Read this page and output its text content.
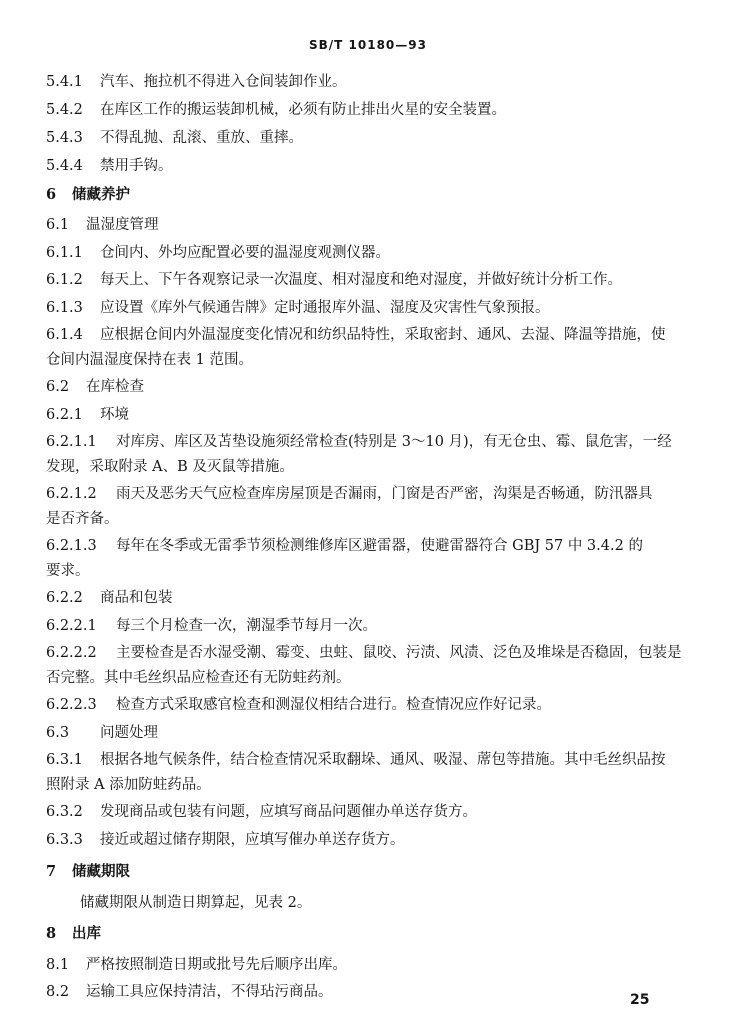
SB/T 10180—93
5.4.1 汽车、拖拉机不得进入仓间装卸作业。
5.4.2 在库区工作的搬运装卸机械，必须有防止排出火星的安全装置。
5.4.3 不得乱抛、乱滚、重放、重摔。
5.4.4 禁用手钩。
6 储藏养护
6.1 温湿度管理
6.1.1 仓间内、外均应配置必要的温湿度观测仪器。
6.1.2 每天上、下午各观察记录一次温度、相对湿度和绝对湿度，并做好统计分析工作。
6.1.3 应设置《库外气候通告牌》定时通报库外温、湿度及灾害性气象预报。
6.1.4 应根据仓间内外温湿度变化情况和纺织品特性，采取密封、通风、去湿、降温等措施，使
仓间内温湿度保持在表 1 范围。
6.2 在库检查
6.2.1 环境
6.2.1.1 对库房、库区及苫垫设施须经常检查(特别是 3～10 月)，有无仓虫、霉、鼠危害，一经
发现，采取附录 A、B 及灭鼠等措施。
6.2.1.2 雨天及恶劣天气应检查库房屋顶是否漏雨，门窗是否严密，沟渠是否畅通，防汛器具
是否齐备。
6.2.1.3 每年在冬季或无雷季节须检测维修库区避雷器，使避雷器符合 GBJ 57 中 3.4.2 的
要求。
6.2.2 商品和包装
6.2.2.1 每三个月检查一次，潮湿季节每月一次。
6.2.2.2 主要检查是否水湿受潮、霉变、虫蛀、鼠咬、污渍、风渍、泛色及堆垛是否稳固，包装是
否完整。其中毛丝织品应检查还有无防蛀药剂。
6.2.2.3 检查方式采取感官检查和测湿仪相结合进行。检查情况应作好记录。
6.3 问题处理
6.3.1 根据各地气候条件，结合检查情况采取翻垛、通风、吸湿、蓆包等措施。其中毛丝织品按
照附录 A 添加防蛀药品。
6.3.2 发现商品或包装有问题，应填写商品问题催办单送存货方。
6.3.3 接近或超过储存期限，应填写催办单送存货方。
7 储藏期限
储藏期限从制造日期算起，见表 2。
8 出库
8.1 严格按照制造日期或批号先后顺序出库。
8.2 运输工具应保持清洁，不得玷污商品。	25
